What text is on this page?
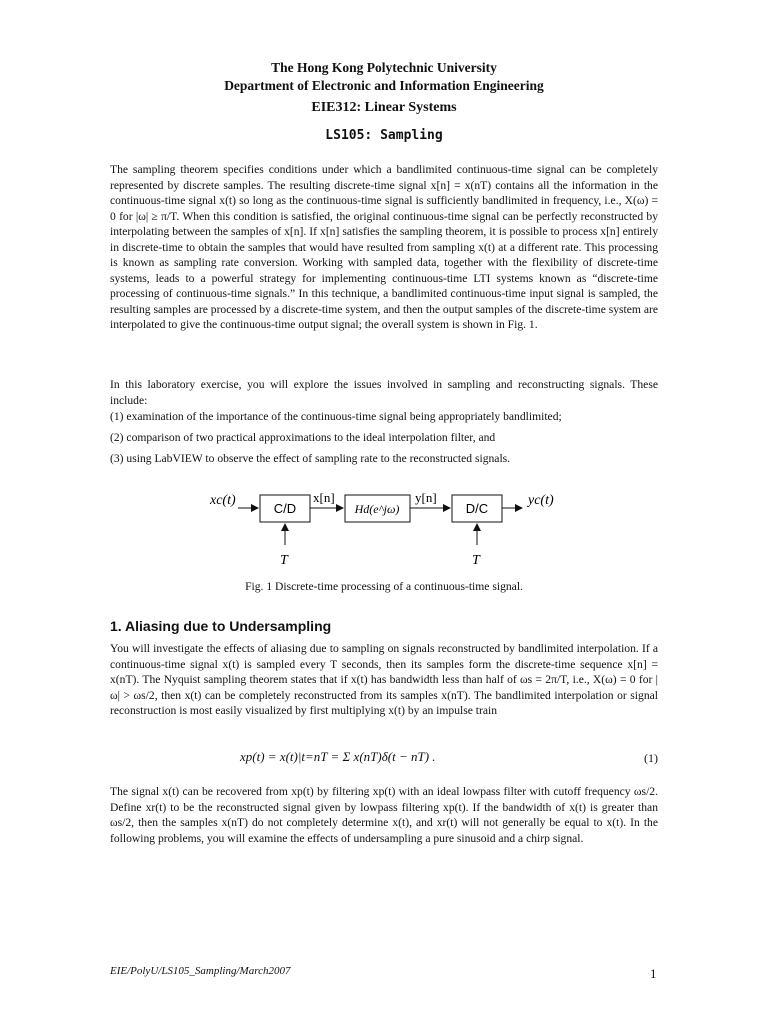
The Hong Kong Polytechnic University
Department of Electronic and Information Engineering
EIE312: Linear Systems
LS105: Sampling

The sampling theorem specifies conditions under which a bandlimited continuous-time signal can be completely represented by discrete samples. The resulting discrete-time signal x[n] = x(nT) contains all the information in the continuous-time signal x(t) so long as the continuous-time signal is sufficiently bandlimited in frequency, i.e., X(ω) = 0 for |ω| ≥ π/T. When this condition is satisfied, the original continuous-time signal can be perfectly reconstructed by interpolating between the samples of x[n]. If x[n] satisfies the sampling theorem, it is possible to process x[n] entirely in discrete-time to obtain the samples that would have resulted from sampling x(t) at a different rate. This processing is known as sampling rate conversion. Working with sampled data, together with the flexibility of discrete-time systems, leads to a powerful strategy for implementing continuous-time LTI systems known as “discrete-time processing of continuous-time signals.” In this technique, a bandlimited continuous-time input signal is sampled, the resulting samples are processed by a discrete-time system, and then the output samples of the discrete-time system are interpolated to give the continuous-time output signal; the overall system is shown in Fig. 1.

In this laboratory exercise, you will explore the issues involved in sampling and reconstructing signals. These include:

(1) examination of the importance of the continuous-time signal being appropriately bandlimited;
(2) comparison of two practical approximations to the ideal interpolation filter, and
(3) using LabVIEW to observe the effect of sampling rate to the reconstructed signals.
xc(t)
C/D
x[n]
Hd(e^jω)
y[n]
D/C
yc(t)
T	T
Fig. 1 Discrete-time processing of a continuous-time signal.
1. Aliasing due to Undersampling

You will investigate the effects of aliasing due to sampling on signals reconstructed by bandlimited interpolation. If a continuous-time signal x(t) is sampled every T seconds, then its samples form the discrete-time sequence x[n] = x(nT). The Nyquist sampling theorem states that if x(t) has bandwidth less than half of ωs = 2π/T, i.e., X(ω) = 0 for |ω| > ωs/2, then x(t) can be completely reconstructed from its samples x(nT). The bandlimited interpolation or signal reconstruction is most easily visualized by first multiplying x(t) by an impulse train

xp(t) = x(t)|t=nT = Σ x(nT)δ(t − nT) .	(1)

The signal x(t) can be recovered from xp(t) by filtering xp(t) with an ideal lowpass filter with cutoff frequency ωs/2. Define xr(t) to be the reconstructed signal given by lowpass filtering xp(t). If the bandwidth of x(t) is greater than ωs/2, then the samples x(nT) do not completely determine x(t), and xr(t) will not generally be equal to x(t). In the following problems, you will examine the effects of undersampling a pure sinusoid and a chirp signal.

EIE/PolyU/LS105_Sampling/March2007	1
